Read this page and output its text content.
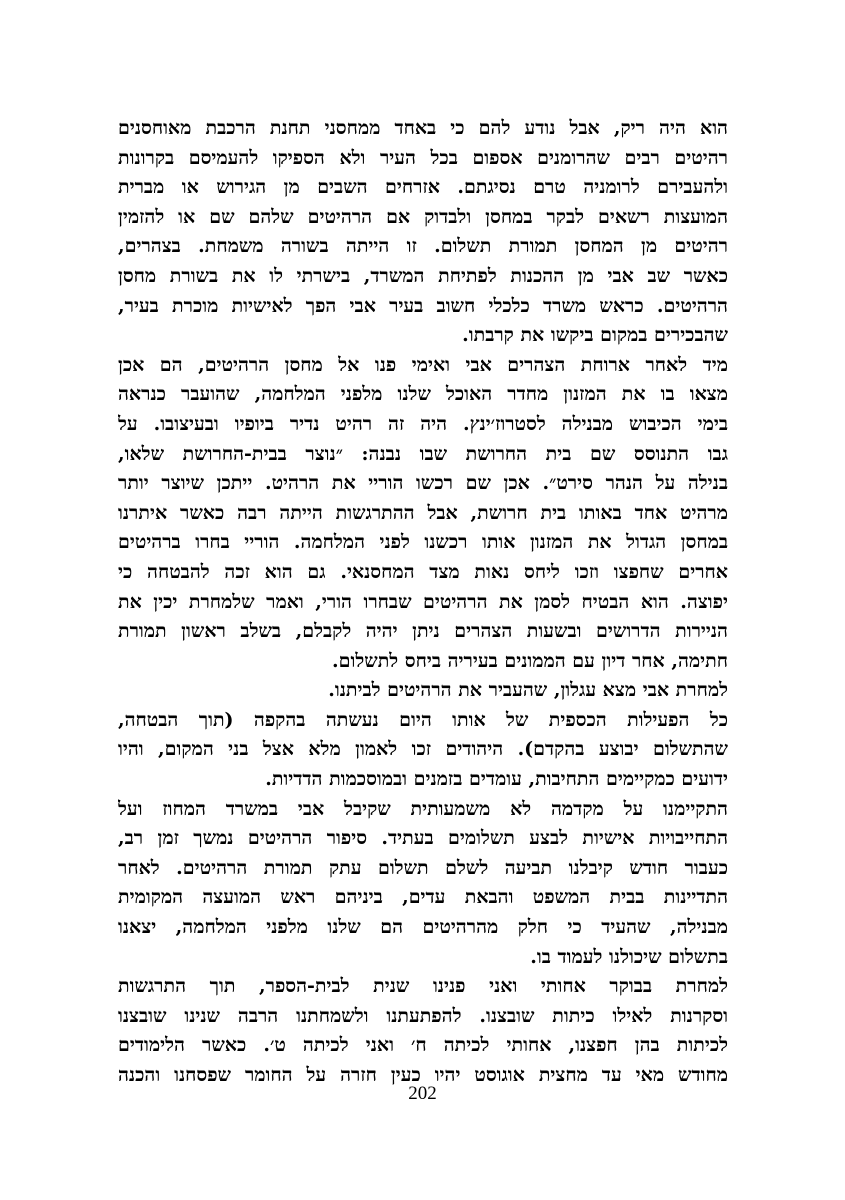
הוא היה ריק, אבל נודע להם כי באחד ממחסני תחנת הרכבת מאוחסנים
רהיטים רבים שהרומנים אספום בכל העיר ולא הספיקו להעמיסם בקרונות
ולהעבירם לרומניה טרם נסיגתם. אזרחים השבים מן הגירוש או מברית
המועצות רשאים לבקר במחסן ולבדוק אם הרהיטים שלהם שם או להזמין
רהיטים מן המחסן תמורת תשלום. זו הייתה בשורה משמחת. בצהרים,
כאשר שב אבי מן ההכנות לפתיחת המשרד, בישרתי לו את בשורת מחסן
הרהיטים. כראש משרד כלכלי חשוב בעיר אבי הפך לאישיות מוכרת בעיר,
שהבכירים במקום ביקשו את קרבתו.
מיד לאחר ארוחת הצהרים אבי ואימי פנו אל מחסן הרהיטים, הם אכן
מצאו בו את המזנון מחדר האוכל שלנו מלפני המלחמה, שהועבר כנראה
בימי הכיבוש מבנילה לסטרוז׳ינץ. היה זה רהיט נדיר ביופיו ובעיצובו. על
גבו התנוסס שם בית החרושת שבו נבנה: ״נוצר בבית-החרושת שלאו,
בנילה על הנהר סירט״. אכן שם רכשו הוריי את הרהיט. ייתכן שיוצר יותר
מרהיט אחד באותו בית חרושת, אבל ההתרגשות הייתה רבה כאשר איתרנו
במחסן הגדול את המזנון אותו רכשנו לפני המלחמה. הוריי בחרו ברהיטים
אחרים שחפצו וזכו ליחס נאות מצד המחסנאי. גם הוא זכה להבטחה כי
יפוצה. הוא הבטיח לסמן את הרהיטים שבחרו הורי, ואמר שלמחרת יכין את
הניירות הדרושים ובשעות הצהרים ניתן יהיה לקבלם, בשלב ראשון תמורת
חתימה, אחר דיון עם הממונים בעיריה ביחס לתשלום.
למחרת אבי מצא עגלון, שהעביר את הרהיטים לביתנו.
כל הפעילות הכספית של אותו היום נעשתה בהקפה (תוך הבטחה,
שהתשלום יבוצע בהקדם). היהודים זכו לאמון מלא אצל בני המקום, והיו
ידועים כמקיימים התחיבות, עומדים בזמנים ובמוסכמות הדדיות.
התקיימנו על מקדמה לא משמעותית שקיבל אבי במשרד המחוז ועל
התחייבויות אישיות לבצע תשלומים בעתיד. סיפור הרהיטים נמשך זמן רב,
כעבור חודש קיבלנו תביעה לשלם תשלום עתק תמורת הרהיטים. לאחר
התדיינות בבית המשפט והבאת עדים, ביניהם ראש המועצה המקומית
מבנילה, שהעיד כי חלק מהרהיטים הם שלנו מלפני המלחמה, יצאנו
בתשלום שיכולנו לעמוד בו.
למחרת בבוקר אחותי ואני פנינו שנית לבית-הספר, תוך התרגשות
וסקרנות לאילו כיתות שובצנו. להפתעתנו ולשמחתנו הרבה שנינו שובצנו
לכיתות בהן חפצנו, אחותי לכיתה ח׳ ואני לכיתה ט׳. כאשר הלימודים
מחודש מאי עד מחצית אוגוסט יהיו כעין חזרה על החומר שפסחנו והכנה
202
